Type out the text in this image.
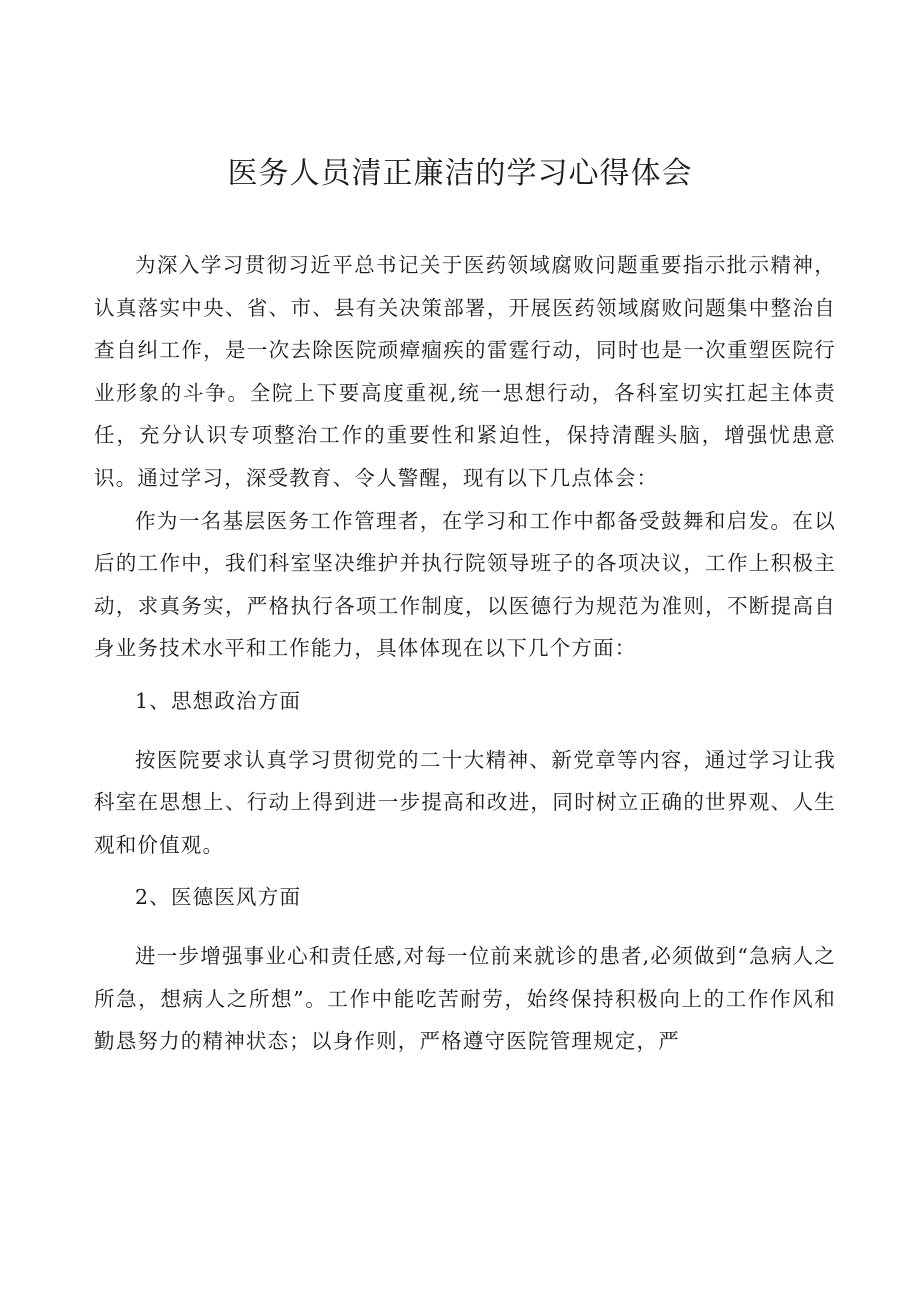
医务人员清正廉洁的学习心得体会

为深入学习贯彻习近平总书记关于医药领域腐败问题重要指示批示精神，认真落实中央、省、市、县有关决策部署，开展医药领域腐败问题集中整治自查自纠工作，是一次去除医院顽瘴痼疾的雷霆行动，同时也是一次重塑医院行业形象的斗争。全院上下要高度重视,统一思想行动，各科室切实扛起主体责任，充分认识专项整治工作的重要性和紧迫性，保持清醒头脑，增强忧患意识。通过学习，深受教育、令人警醒，现有以下几点体会：

作为一名基层医务工作管理者，在学习和工作中都备受鼓舞和启发。在以后的工作中，我们科室坚决维护并执行院领导班子的各项决议，工作上积极主动，求真务实，严格执行各项工作制度，以医德行为规范为准则，不断提高自身业务技术水平和工作能力，具体体现在以下几个方面：

1、思想政治方面

按医院要求认真学习贯彻党的二十大精神、新党章等内容，通过学习让我科室在思想上、行动上得到进一步提高和改进，同时树立正确的世界观、人生观和价值观。

2、医德医风方面

进一步增强事业心和责任感,对每一位前来就诊的患者,必须做到“急病人之所急，想病人之所想”。工作中能吃苦耐劳，始终保持积极向上的工作作风和勤恳努力的精神状态；以身作则，严格遵守医院管理规定，严
